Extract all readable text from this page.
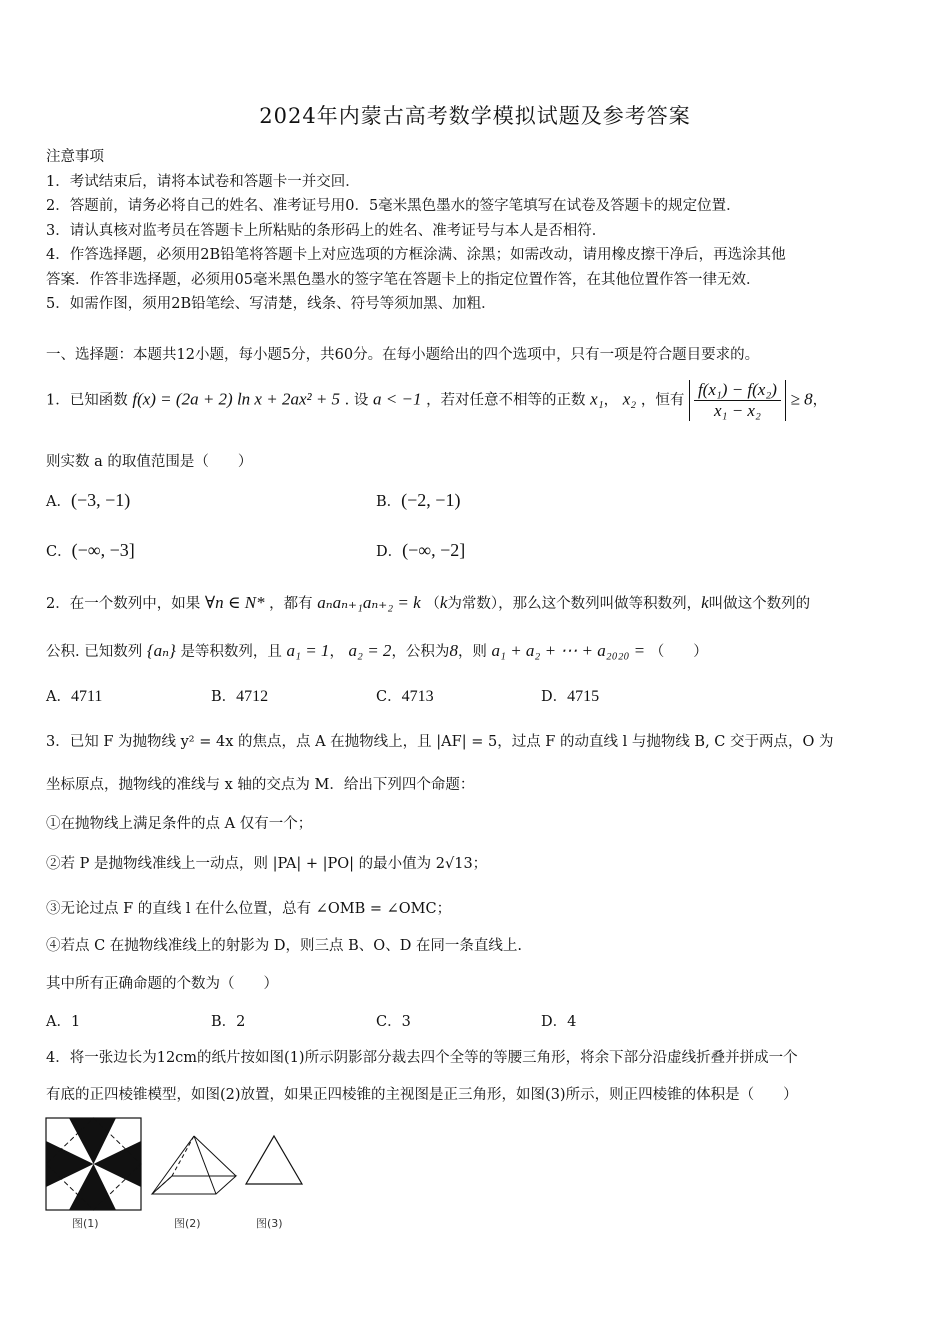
2024年内蒙古高考数学模拟试题及参考答案
注意事项
1．考试结束后，请将本试卷和答题卡一并交回．
2．答题前，请务必将自己的姓名、准考证号用0．5毫米黑色墨水的签字笔填写在试卷及答题卡的规定位置．
3．请认真核对监考员在答题卡上所粘贴的条形码上的姓名、准考证号与本人是否相符．
4．作答选择题，必须用2B铅笔将答题卡上对应选项的方框涂满、涂黑；如需改动，请用橡皮擦干净后，再选涂其他
答案．作答非选择题，必须用05毫米黑色墨水的签字笔在答题卡上的指定位置作答，在其他位置作答一律无效．
5．如需作图，须用2B铅笔绘、写清楚，线条、符号等须加黑、加粗．
一、选择题：本题共12小题，每小题5分，共60分。在每小题给出的四个选项中，只有一项是符合题目要求的。
1．已知函数 f(x) = (2a + 2) ln x + 2ax² + 5 . 设 a < −1 ，若对任意不相等的正数 x₁， x₂ ，恒有 $\frac{\text{f(x₁) − f(x₂)}}{\text{x₁ − x₂}} \ge 8$，
则实数 a 的取值范围是（　　）
A．(−3, −1)	B．(−2, −1)
C．(−∞, −3]	D．(−∞, −2]
2．在一个数列中，如果 ∀n ∈ N* ，都有 aₙaₙ₊₁aₙ₊₂ = k （k为常数），那么这个数列叫做等积数列，k叫做这个数列的
公积. 已知数列 {aₙ} 是等积数列，且 a₁ = 1， a₂ = 2，公积为8，则 a₁ + a₂ + ⋯ + a₂₀₂₀ = （　　）
A．4711	B．4712	C．4713	D．4715
3．已知 F 为抛物线 y² = 4x 的焦点，点 A 在抛物线上，且 |AF| = 5，过点 F 的动直线 l 与抛物线 B, C 交于两点，O 为
坐标原点，抛物线的准线与 x 轴的交点为 M．给出下列四个命题：
①在抛物线上满足条件的点 A 仅有一个；
②若 P 是抛物线准线上一动点，则 |PA| + |PO| 的最小值为 2√13；
③无论过点 F 的直线 l 在什么位置，总有 ∠OMB = ∠OMC；
④若点 C 在抛物线准线上的射影为 D，则三点 B、O、D 在同一条直线上.
其中所有正确命题的个数为（　　）
A．1	B．2	C．3	D．4
4．将一张边长为12cm的纸片按如图(1)所示阴影部分裁去四个全等的等腰三角形，将余下部分沿虚线折叠并拼成一个
有底的正四棱锥模型，如图(2)放置，如果正四棱锥的主视图是正三角形，如图(3)所示，则正四棱锥的体积是（　　）
图(1)	图(2)	图(3)
